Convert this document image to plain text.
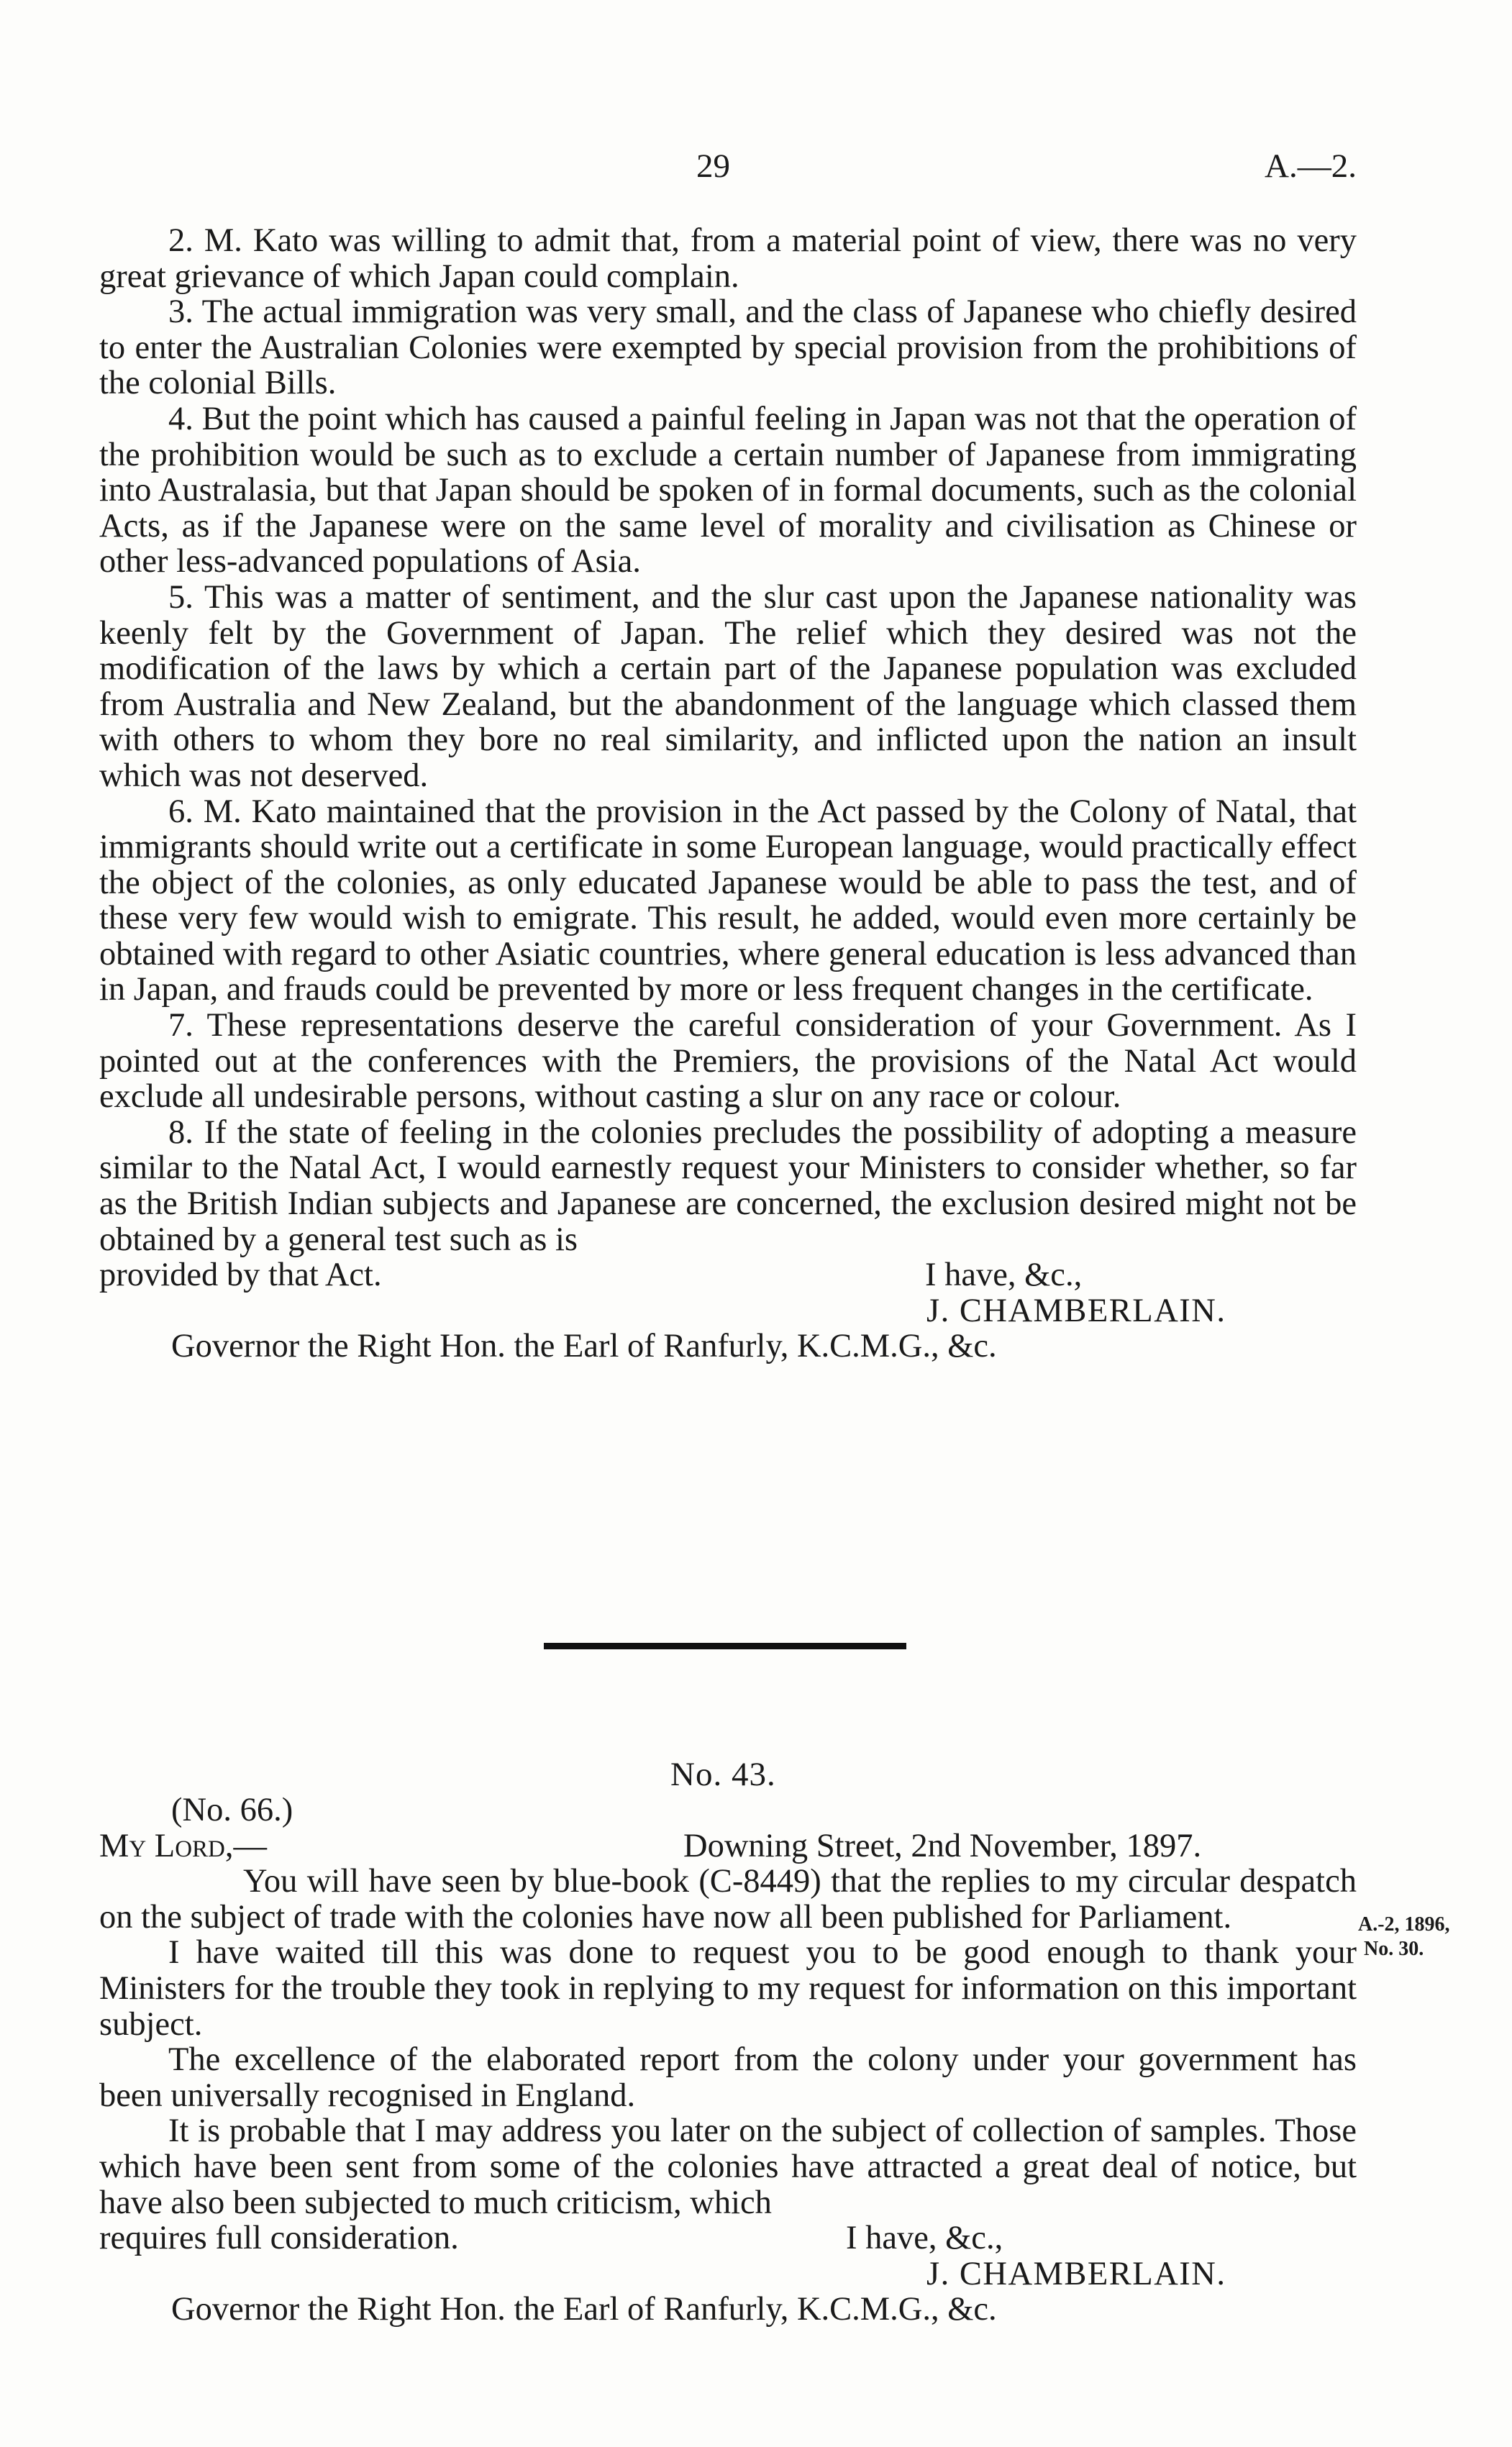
29	A.—2.

2. M. Kato was willing to admit that, from a material point of view, there was no very great grievance of which Japan could complain.

3. The actual immigration was very small, and the class of Japanese who chiefly desired to enter the Australian Colonies were exempted by special provision from the prohibitions of the colonial Bills.

4. But the point which has caused a painful feeling in Japan was not that the operation of the prohibition would be such as to exclude a certain number of Japanese from immigrating into Australasia, but that Japan should be spoken of in formal documents, such as the colonial Acts, as if the Japanese were on the same level of morality and civilisation as Chinese or other less-advanced populations of Asia.

5. This was a matter of sentiment, and the slur cast upon the Japanese nationality was keenly felt by the Government of Japan. The relief which they desired was not the modification of the laws by which a certain part of the Japanese population was excluded from Australia and New Zealand, but the abandonment of the language which classed them with others to whom they bore no real similarity, and inflicted upon the nation an insult which was not deserved.

6. M. Kato maintained that the provision in the Act passed by the Colony of Natal, that immigrants should write out a certificate in some European language, would practically effect the object of the colonies, as only educated Japanese would be able to pass the test, and of these very few would wish to emigrate. This result, he added, would even more certainly be obtained with regard to other Asiatic countries, where general education is less advanced than in Japan, and frauds could be prevented by more or less frequent changes in the certificate.

7. These representations deserve the careful consideration of your Government. As I pointed out at the conferences with the Premiers, the provisions of the Natal Act would exclude all undesirable persons, without casting a slur on any race or colour.

8. If the state of feeling in the colonies precludes the possibility of adopting a measure similar to the Natal Act, I would earnestly request your Ministers to consider whether, so far as the British Indian subjects and Japanese are concerned, the exclusion desired might not be obtained by a general test such as is

provided by that Act.	I have, &c.,
J. CHAMBERLAIN.
Governor the Right Hon. the Earl of Ranfurly, K.C.M.G., &c.
No. 43.
(No. 66.)
My Lord,—	Downing Street, 2nd November, 1897.

You will have seen by blue-book (C-8449) that the replies to my circular despatch on the subject of trade with the colonies have now all been published for Parliament.

I have waited till this was done to request you to be good enough to thank your Ministers for the trouble they took in replying to my request for information on this important subject.

The excellence of the elaborated report from the colony under your government has been universally recognised in England.

It is probable that I may address you later on the subject of collection of samples. Those which have been sent from some of the colonies have attracted a great deal of notice, but have also been subjected to much criticism, which

requires full consideration.	I have, &c.,
J. CHAMBERLAIN.
Governor the Right Hon. the Earl of Ranfurly, K.C.M.G., &c.
A.-2, 1896,
No. 30.
